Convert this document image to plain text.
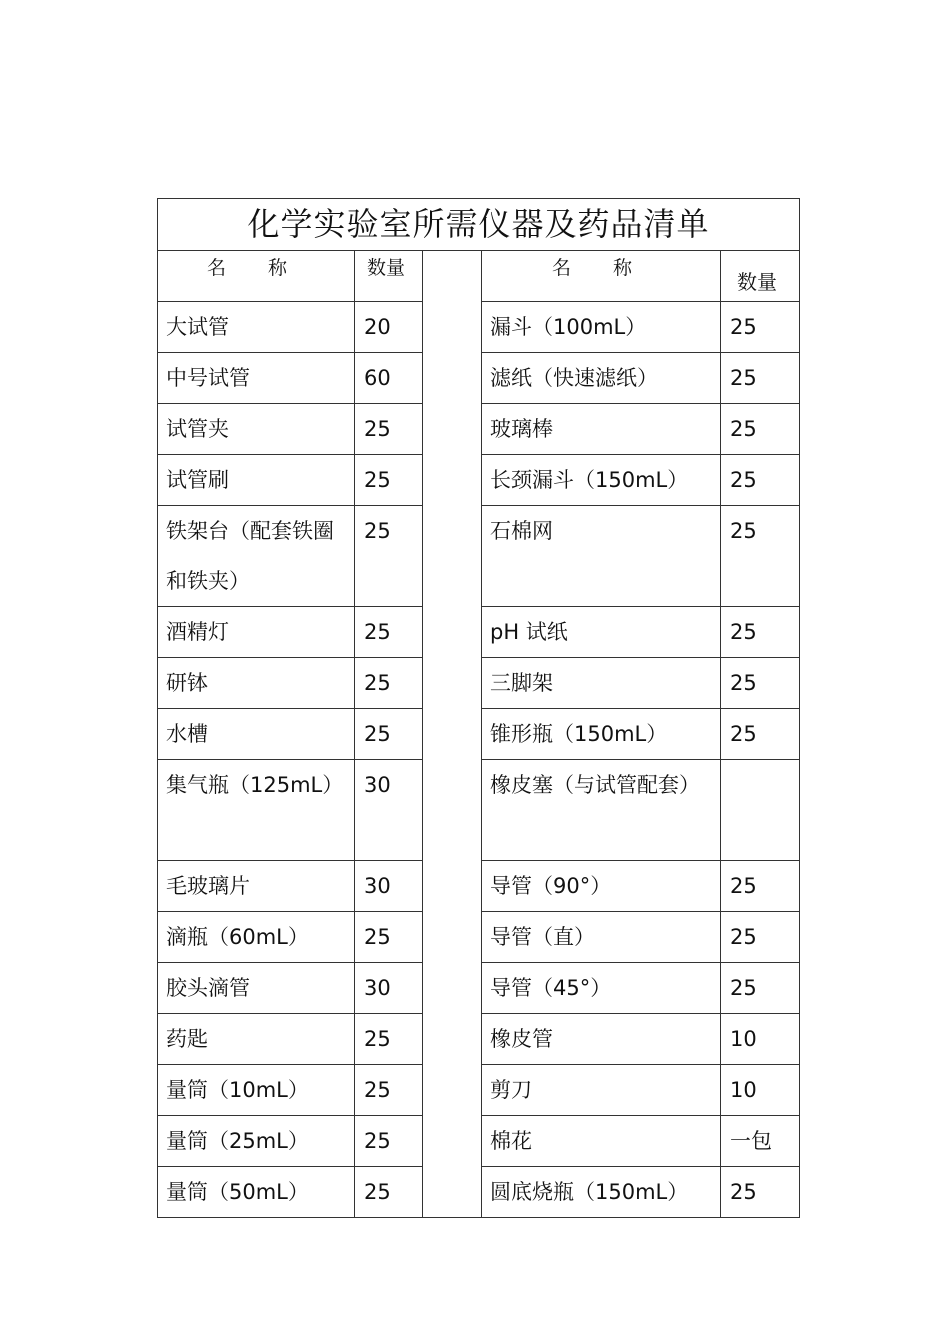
化学实验室所需仪器及药品清单				
名 称	数量		名 称	数量
大试管	20		漏斗（100mL）	25
中号试管	60		滤纸（快速滤纸）	25
试管夹	25		玻璃棒	25
试管刷	25		长颈漏斗（150mL）	25
铁架台（配套铁圈和铁夹）	25		石棉网	25
酒精灯	25		pH 试纸	25
研钵	25		三脚架	25
水槽	25		锥形瓶（150mL）	25
集气瓶（125mL）	30		橡皮塞（与试管配套）	
毛玻璃片	30		导管（90°）	25
滴瓶（60mL）	25		导管（直）	25
胶头滴管	30		导管（45°）	25
药匙	25		橡皮管	10
量筒（10mL）	25		剪刀	10
量筒（25mL）	25		棉花	一包
量筒（50mL）	25		圆底烧瓶（150mL）	25
